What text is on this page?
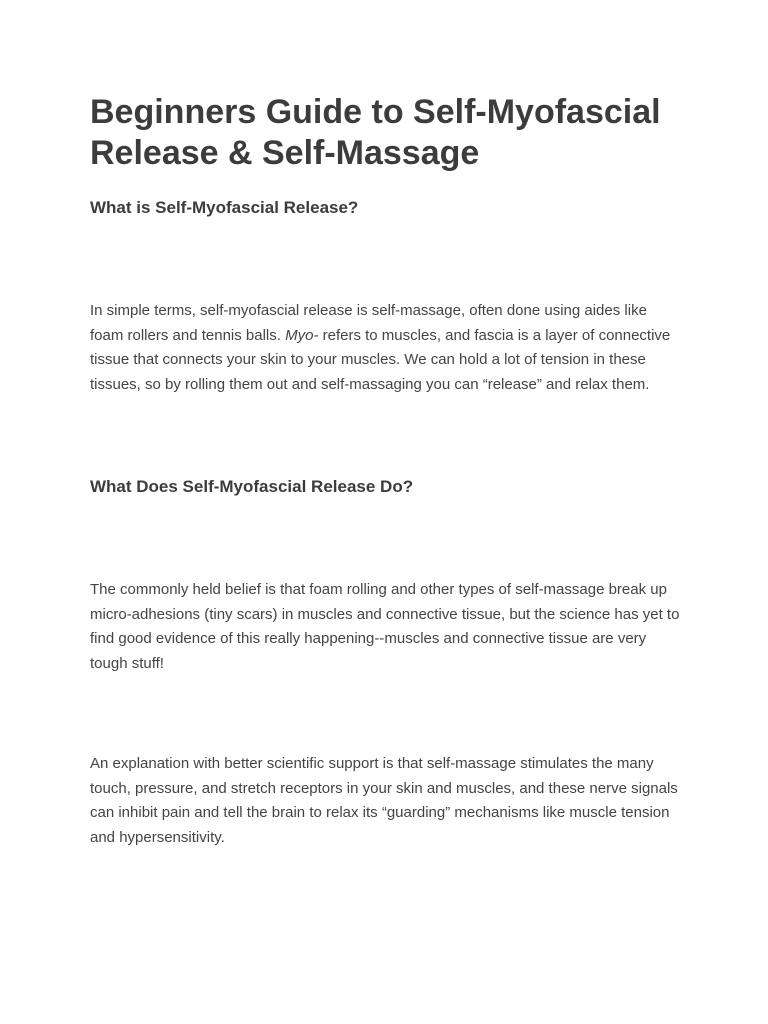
Beginners Guide to Self-Myofascial Release & Self-Massage
What is Self-Myofascial Release?

In simple terms, self-myofascial release is self-massage, often done using aides like foam rollers and tennis balls. Myo- refers to muscles, and fascia is a layer of connective tissue that connects your skin to your muscles. We can hold a lot of tension in these tissues, so by rolling them out and self-massaging you can “release” and relax them.

What Does Self-Myofascial Release Do?

The commonly held belief is that foam rolling and other types of self-massage break up micro-adhesions (tiny scars) in muscles and connective tissue, but the science has yet to find good evidence of this really happening--muscles and connective tissue are very tough stuff!

An explanation with better scientific support is that self-massage stimulates the many touch, pressure, and stretch receptors in your skin and muscles, and these nerve signals can inhibit pain and tell the brain to relax its “guarding” mechanisms like muscle tension and hypersensitivity.
